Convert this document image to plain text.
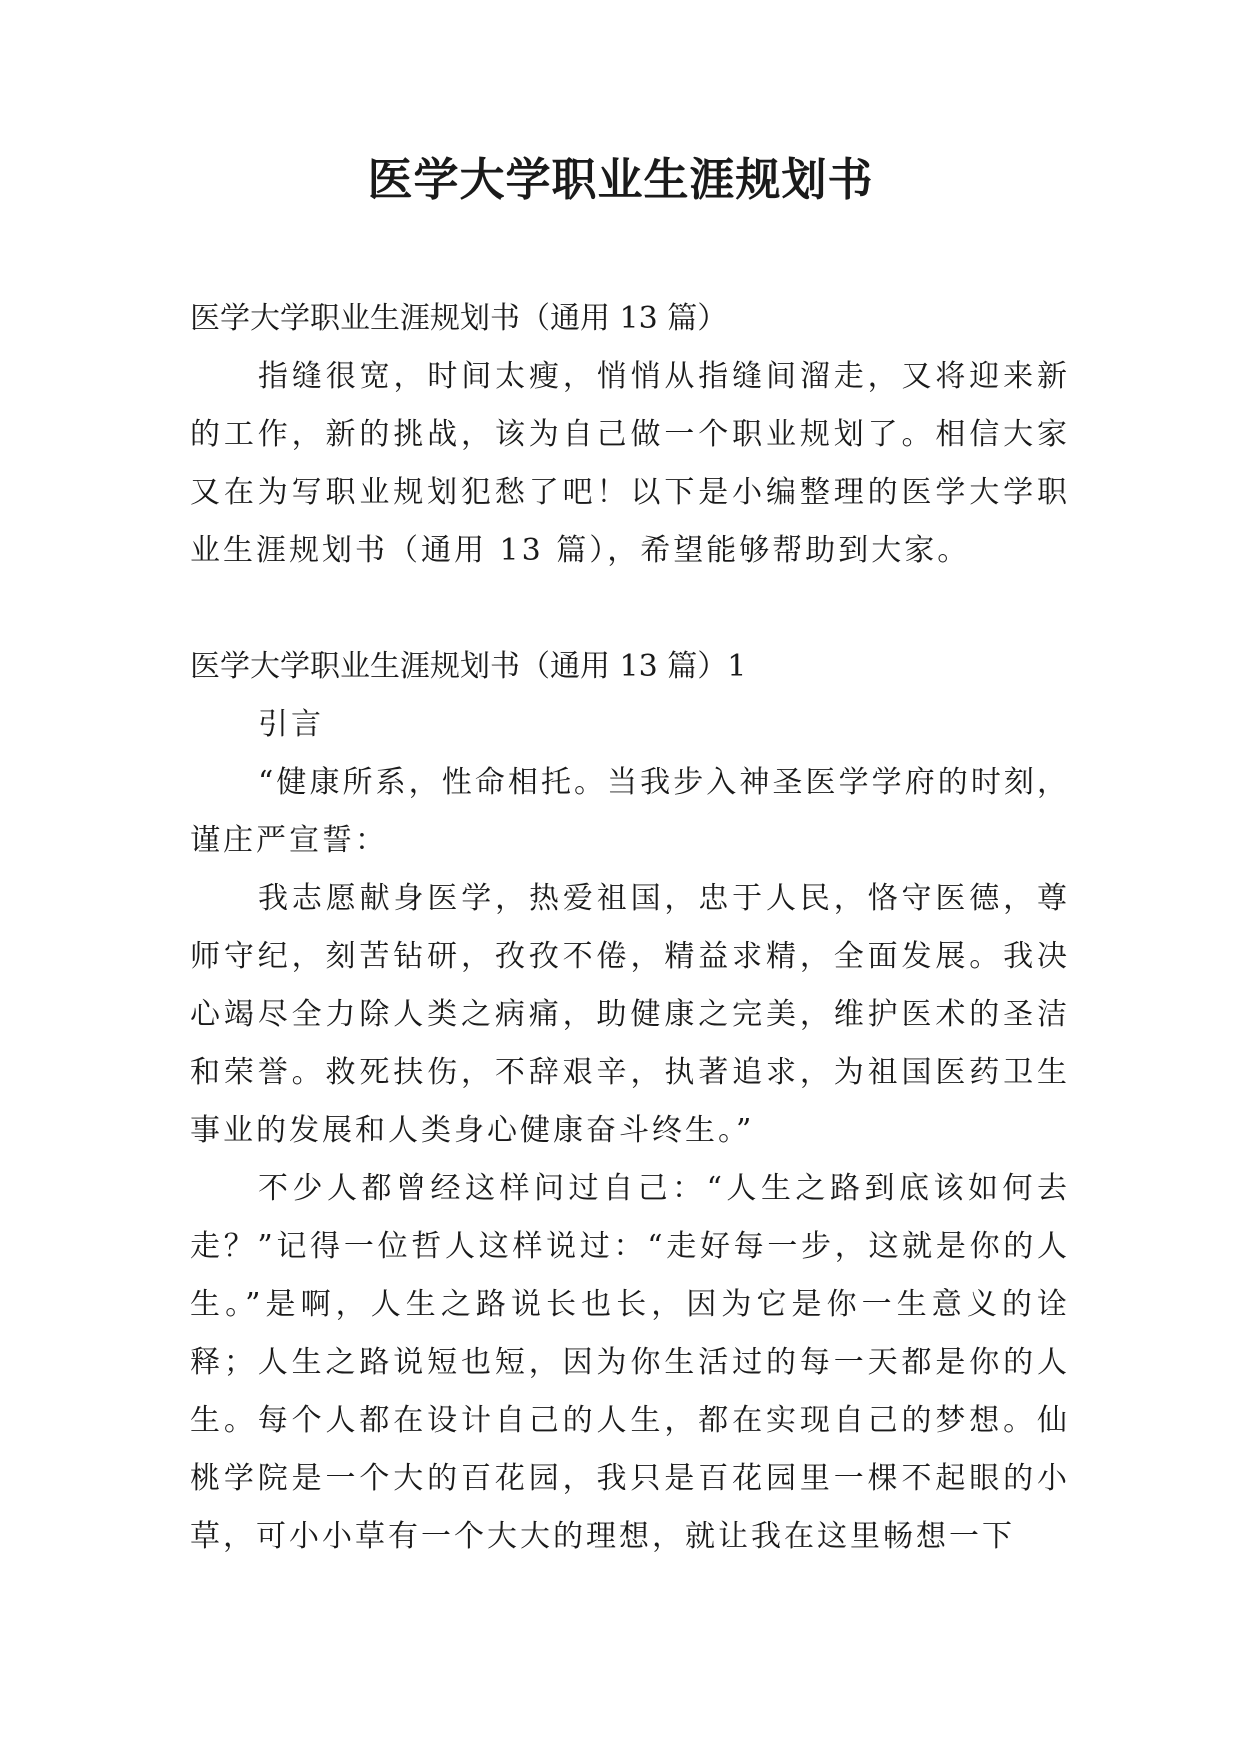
医学大学职业生涯规划书

医学大学职业生涯规划书（通用 13 篇）

指缝很宽，时间太瘦，悄悄从指缝间溜走，又将迎来新的工作，新的挑战，该为自己做一个职业规划了。相信大家又在为写职业规划犯愁了吧！以下是小编整理的医学大学职业生涯规划书（通用 13 篇），希望能够帮助到大家。

医学大学职业生涯规划书（通用 13 篇）1

引言

“健康所系，性命相托。当我步入神圣医学学府的时刻，谨庄严宣誓：

我志愿献身医学，热爱祖国，忠于人民，恪守医德，尊师守纪，刻苦钻研，孜孜不倦，精益求精，全面发展。我决心竭尽全力除人类之病痛，助健康之完美，维护医术的圣洁和荣誉。救死扶伤，不辞艰辛，执著追求，为祖国医药卫生事业的发展和人类身心健康奋斗终生。”

不少人都曾经这样问过自己：“人生之路到底该如何去走？”记得一位哲人这样说过：“走好每一步，这就是你的人生。”是啊，人生之路说长也长，因为它是你一生意义的诠释；人生之路说短也短，因为你生活过的每一天都是你的人生。每个人都在设计自己的人生，都在实现自己的梦想。仙桃学院是一个大的百花园，我只是百花园里一棵不起眼的小草，可小小草有一个大大的理想，就让我在这里畅想一下
